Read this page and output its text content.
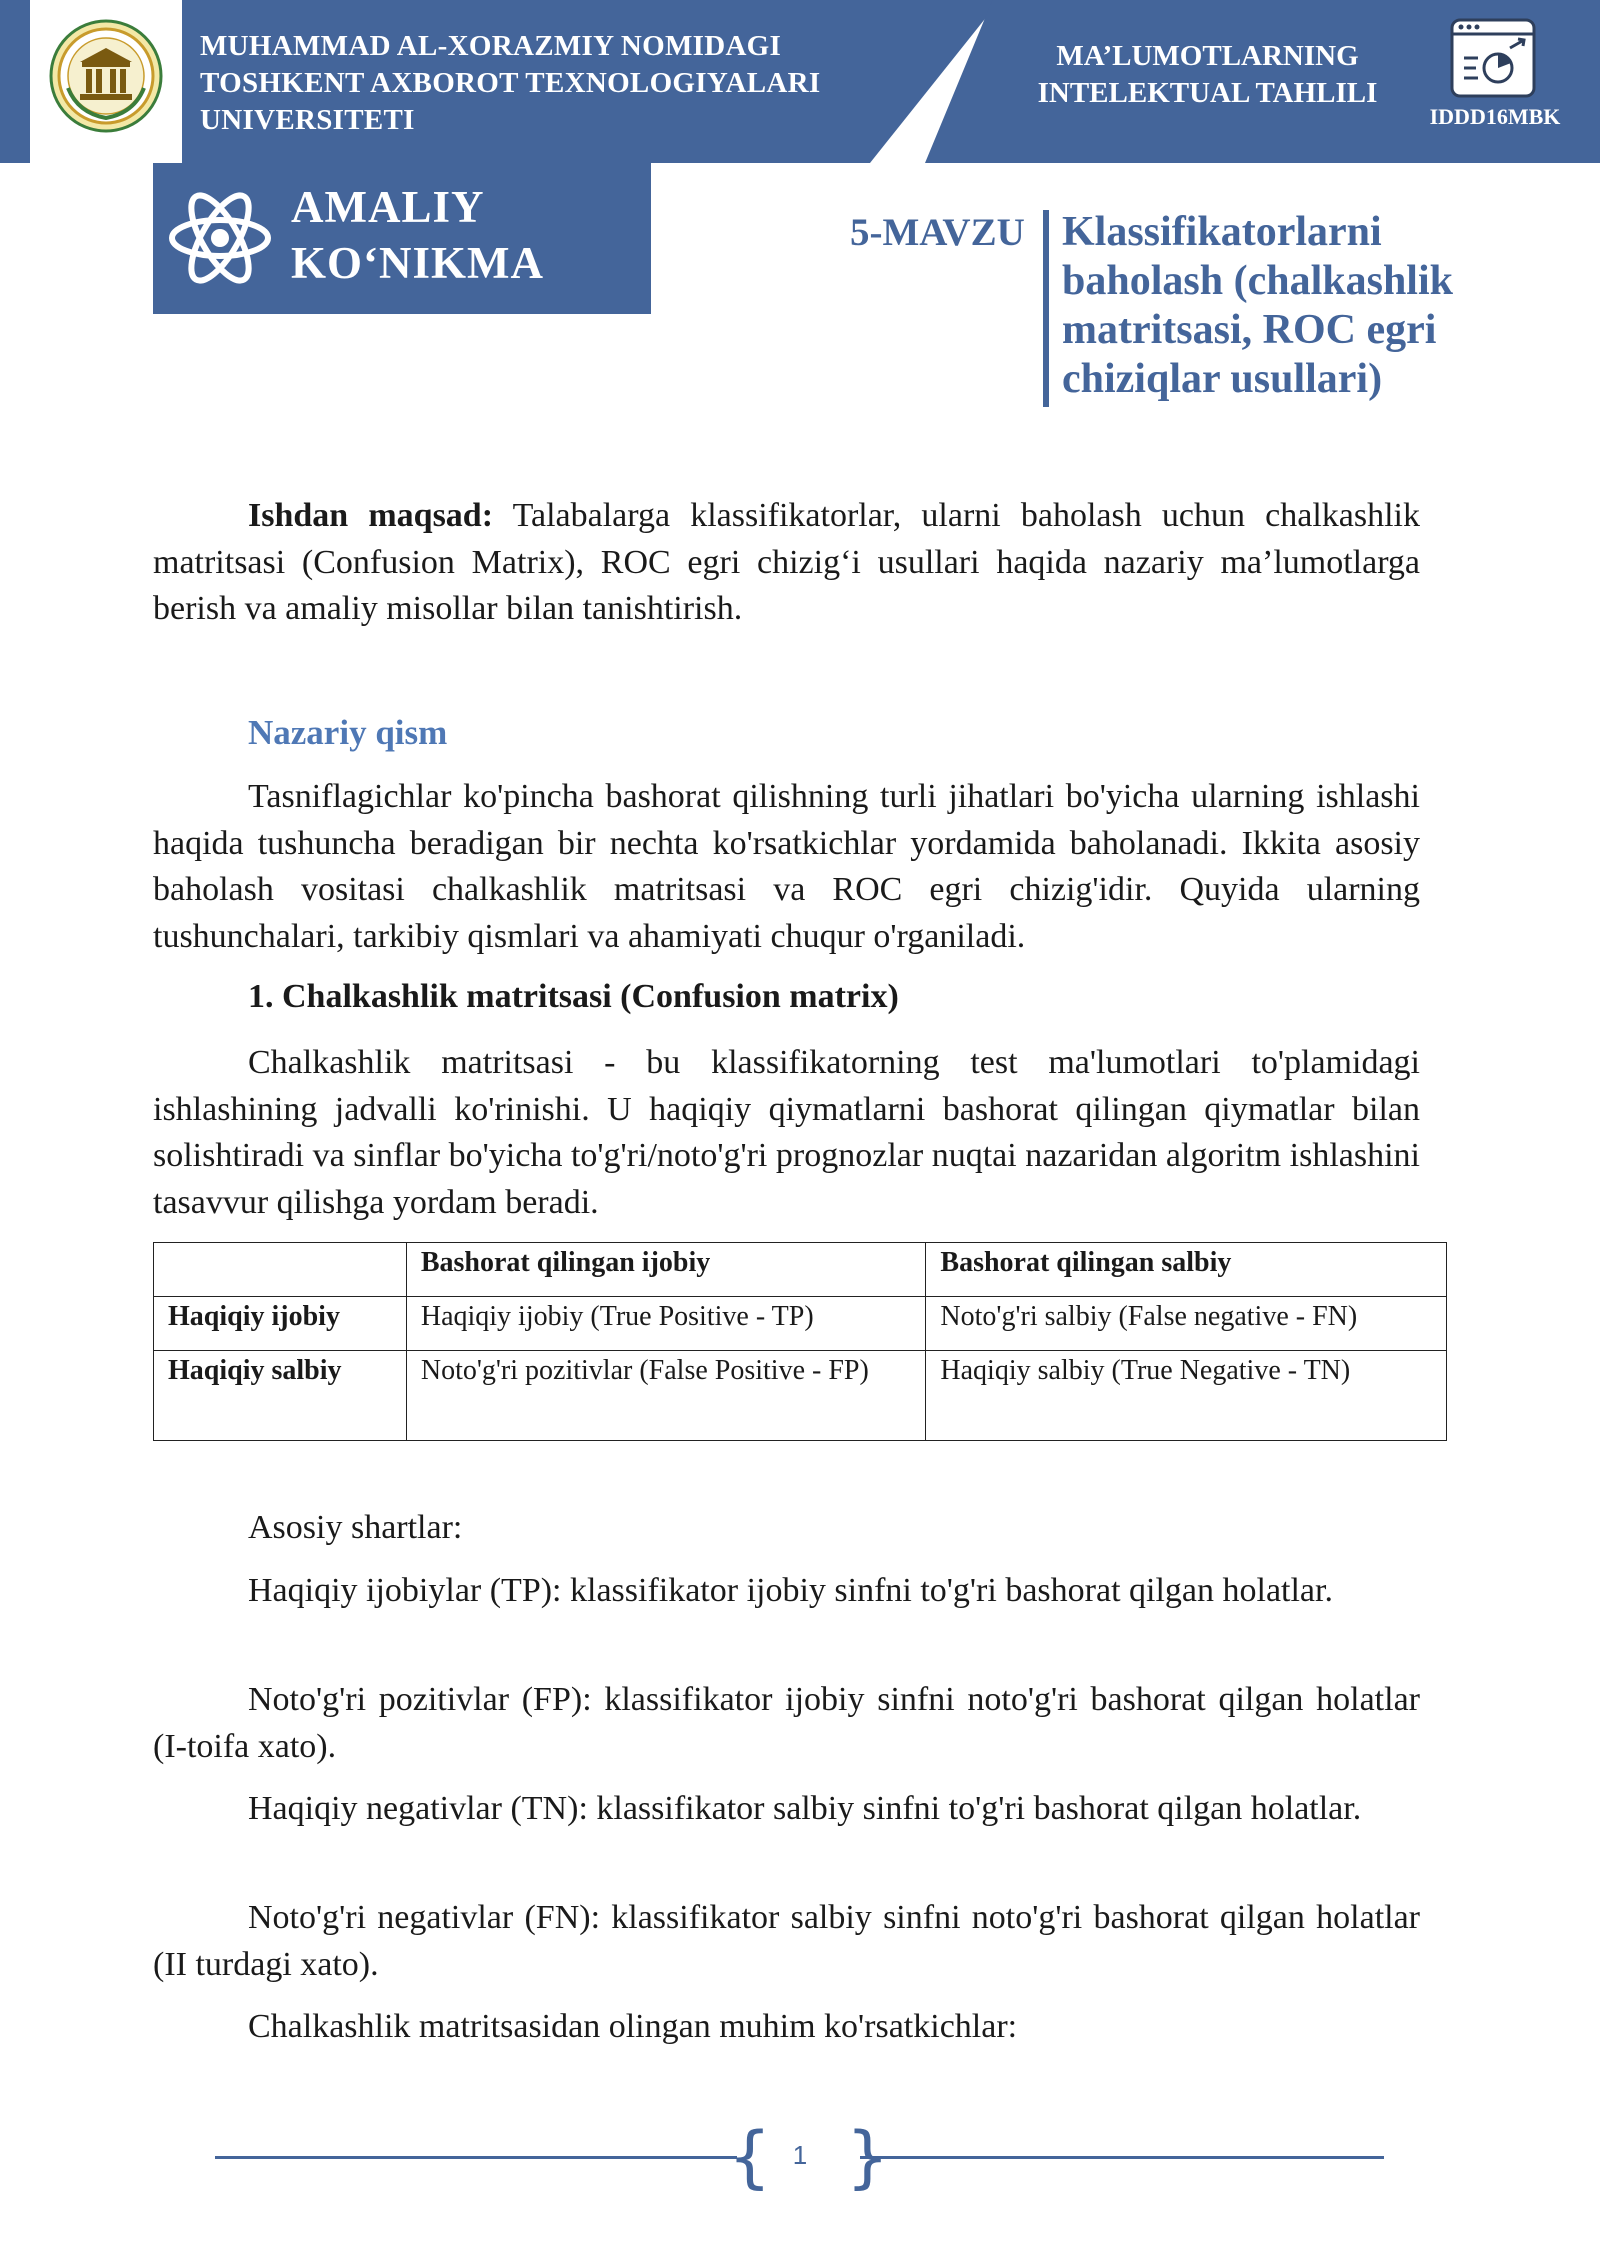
MUHAMMAD AL-XORAZMIY NOMIDAGI
TOSHKENT AXBOROT TEXNOLOGIYALARI
UNIVERSITETI
MA’LUMOTLARNING
INTELEKTUAL TAHLILI
IDDD16MBK
AMALIY
KO‘NIKMA
5-MAVZU Klassifikatorlarni
baholash (chalkashlik
matritsasi, ROC egri
chiziqlar usullari)
Ishdan maqsad: Talabalarga klassifikatorlar, ularni baholash uchun chalkashlik matritsasi (Confusion Matrix), ROC egri chizig‘i usullari haqida nazariy ma’lumotlarga berish va amaliy misollar bilan tanishtirish.
Nazariy qism
Tasniflagichlar ko'pincha bashorat qilishning turli jihatlari bo'yicha ularning ishlashi haqida tushuncha beradigan bir nechta ko'rsatkichlar yordamida baholanadi. Ikkita asosiy baholash vositasi chalkashlik matritsasi va ROC egri chizig'idir. Quyida ularning tushunchalari, tarkibiy qismlari va ahamiyati chuqur o'rganiladi.
1. Chalkashlik matritsasi (Confusion matrix)
Chalkashlik matritsasi - bu klassifikatorning test ma'lumotlari to'plamidagi ishlashining jadvalli ko'rinishi. U haqiqiy qiymatlarni bashorat qilingan qiymatlar bilan solishtiradi va sinflar bo'yicha to'g'ri/noto'g'ri prognozlar nuqtai nazaridan algoritm ishlashini tasavvur qilishga yordam beradi.
Asosiy shartlar:
Haqiqiy ijobiylar (TP): klassifikator ijobiy sinfni to'g'ri bashorat qilgan holatlar.
Noto'g'ri pozitivlar (FP): klassifikator ijobiy sinfni noto'g'ri bashorat qilgan holatlar (I-toifa xato).
Haqiqiy negativlar (TN): klassifikator salbiy sinfni to'g'ri bashorat qilgan holatlar.
Noto'g'ri negativlar (FN): klassifikator salbiy sinfni noto'g'ri bashorat qilgan holatlar (II turdagi xato).
Chalkashlik matritsasidan olingan muhim ko'rsatkichlar:
	Bashorat qilingan ijobiy	Bashorat qilingan salbiy
Haqiqiy ijobiy	Haqiqiy ijobiy (True Positive - TP)	Noto'g'ri salbiy (False negative - FN)
Haqiqiy salbiy	Noto'g'ri pozitivlar (False Positive - FP)	Haqiqiy salbiy (True Negative - TN)
{ }
1
